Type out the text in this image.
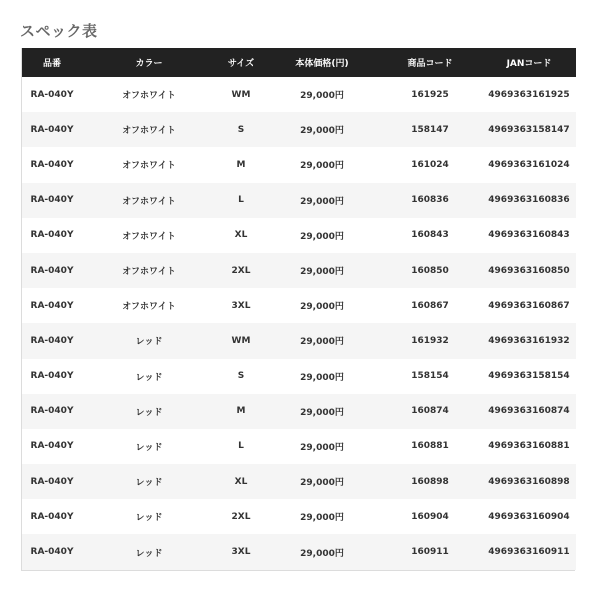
スペック表
品番	カラー	サイズ	本体価格(円)	商品コード	JANコード
RA-040Y	オフホワイト	WM	29,000円	161925	4969363161925
RA-040Y	オフホワイト	S	29,000円	158147	4969363158147
RA-040Y	オフホワイト	M	29,000円	161024	4969363161024
RA-040Y	オフホワイト	L	29,000円	160836	4969363160836
RA-040Y	オフホワイト	XL	29,000円	160843	4969363160843
RA-040Y	オフホワイト	2XL	29,000円	160850	4969363160850
RA-040Y	オフホワイト	3XL	29,000円	160867	4969363160867
RA-040Y	レッド	WM	29,000円	161932	4969363161932
RA-040Y	レッド	S	29,000円	158154	4969363158154
RA-040Y	レッド	M	29,000円	160874	4969363160874
RA-040Y	レッド	L	29,000円	160881	4969363160881
RA-040Y	レッド	XL	29,000円	160898	4969363160898
RA-040Y	レッド	2XL	29,000円	160904	4969363160904
RA-040Y	レッド	3XL	29,000円	160911	4969363160911
